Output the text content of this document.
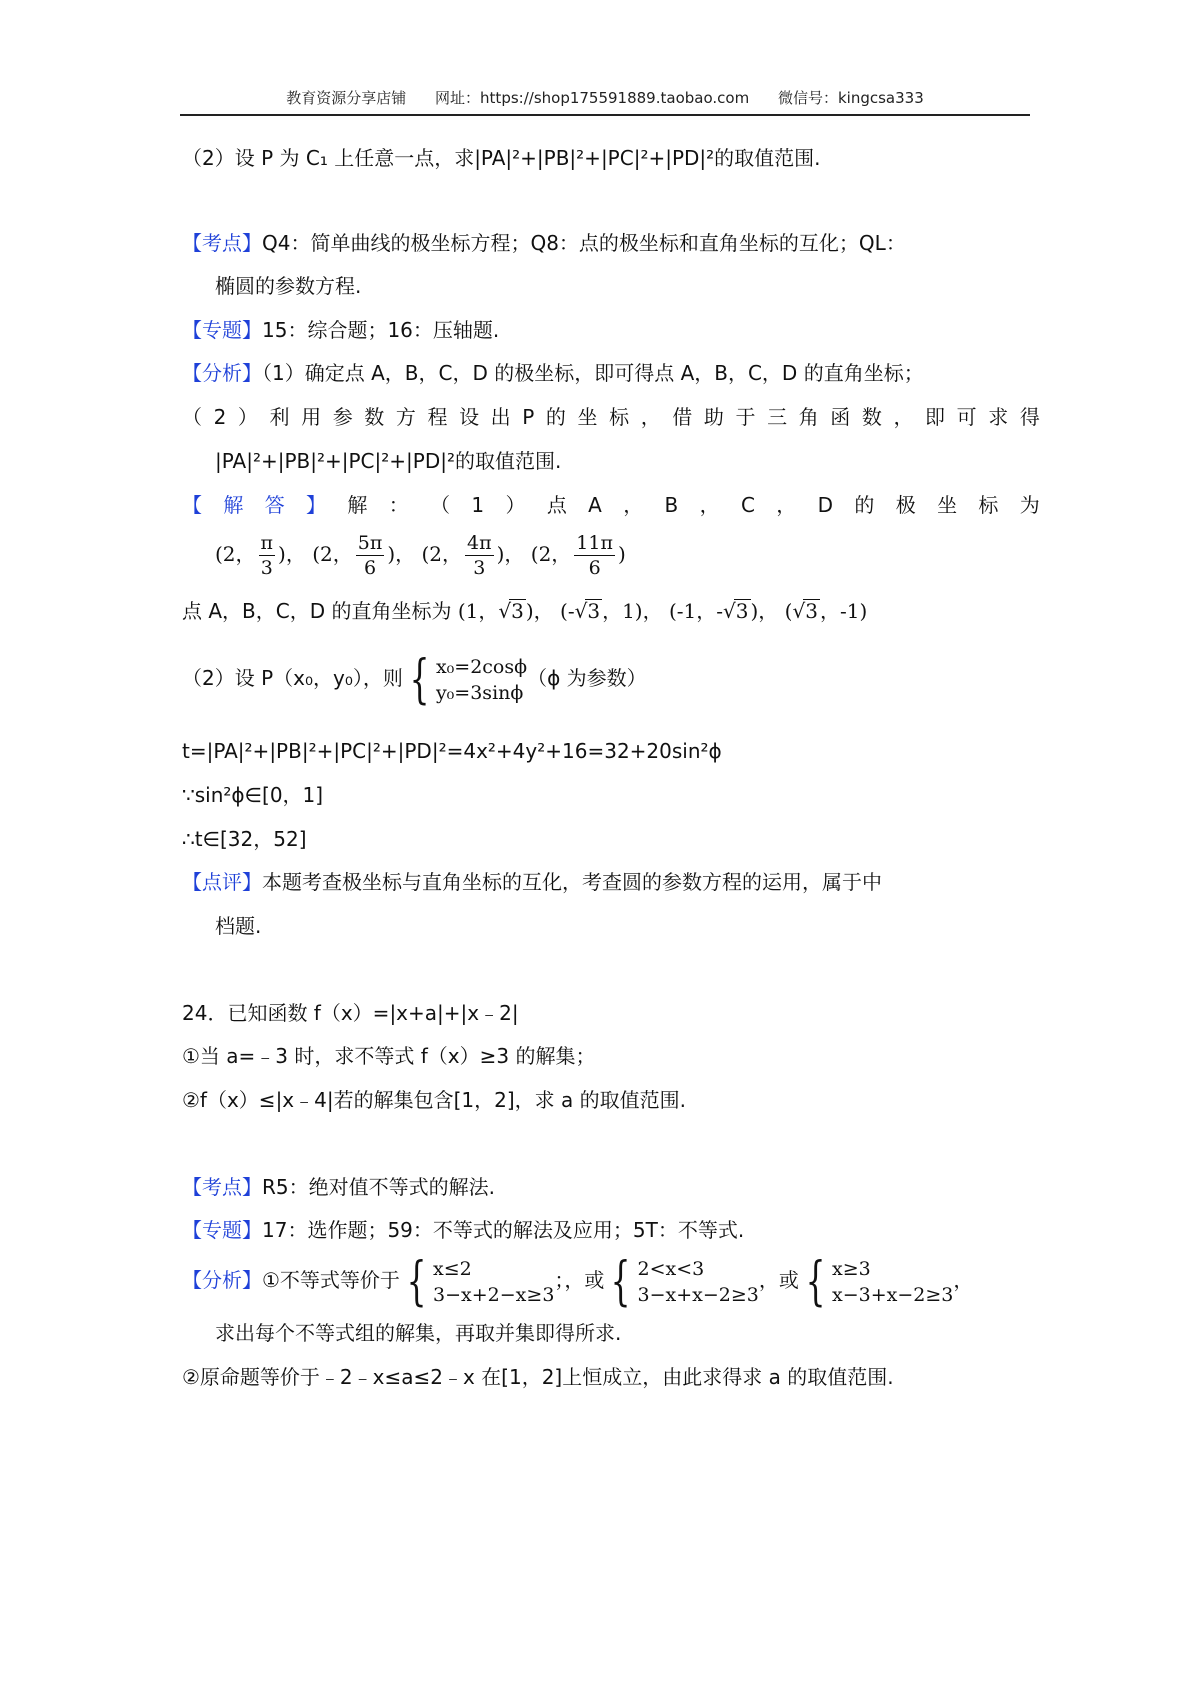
教育资源分享店铺 网址：https://shop175591889.taobao.com 微信号：kingcsa333
（2）设 P 为 C₁ 上任意一点，求|PA|²+|PB|²+|PC|²+|PD|²的取值范围.
【考点】Q4：简单曲线的极坐标方程；Q8：点的极坐标和直角坐标的互化；QL：
椭圆的参数方程.
【专题】15：综合题；16：压轴题.
【分析】（1）确定点 A，B，C，D 的极坐标，即可得点 A，B，C，D 的直角坐标；
（ 2 ） 利 用 参 数 方 程 设 出 P 的 坐 标 ， 借 助 于 三 角 函 数 ， 即 可 求 得
|PA|²+|PB|²+|PC|²+|PD|²的取值范围.
【 解 答 】 解 ： （ 1 ） 点 A ， B ， C ， D 的 极 坐 标 为
(2， $\frac{\pi}{3}$ )， (2， $\frac{5\pi}{6}$ )， (2， $\frac{4\pi}{3}$ )， (2， $\frac{11\pi}{6}$ )
点 A，B，C，D 的直角坐标为 (1，√3 )， (-√3 ，1)， (-1，-√3 )， (√3 ，-1)
（2）设 P（x₀，y₀），则 { x₀=2cosϕ
y₀=3sinϕ
（ϕ 为参数）
t=|PA|²+|PB|²+|PC|²+|PD|²=4x²+4y²+16=32+20sin²ϕ
∵sin²ϕ∈[0，1]
∴t∈[32，52]
【点评】本题考查极坐标与直角坐标的互化，考查圆的参数方程的运用，属于中
档题.
24．已知函数 f（x）=|x+a|+|x﹣2|
①当 a=﹣3 时，求不等式 f（x）≥3 的解集；
②f（x）≤|x﹣4|若的解集包含[1，2]，求 a 的取值范围.
【考点】R5：绝对值不等式的解法.
【专题】17：选作题；59：不等式的解法及应用；5T：不等式.
【分析】①不等式等价于 { x≤2
3−x+2−x≥3
；，或 { 2<x<3
3−x+x−2≥3
，或 { x≥3
x−3+x−2≥3
，
求出每个不等式组的解集，再取并集即得所求.
②原命题等价于﹣2﹣x≤a≤2﹣x 在[1，2]上恒成立，由此求得求 a 的取值范围.
